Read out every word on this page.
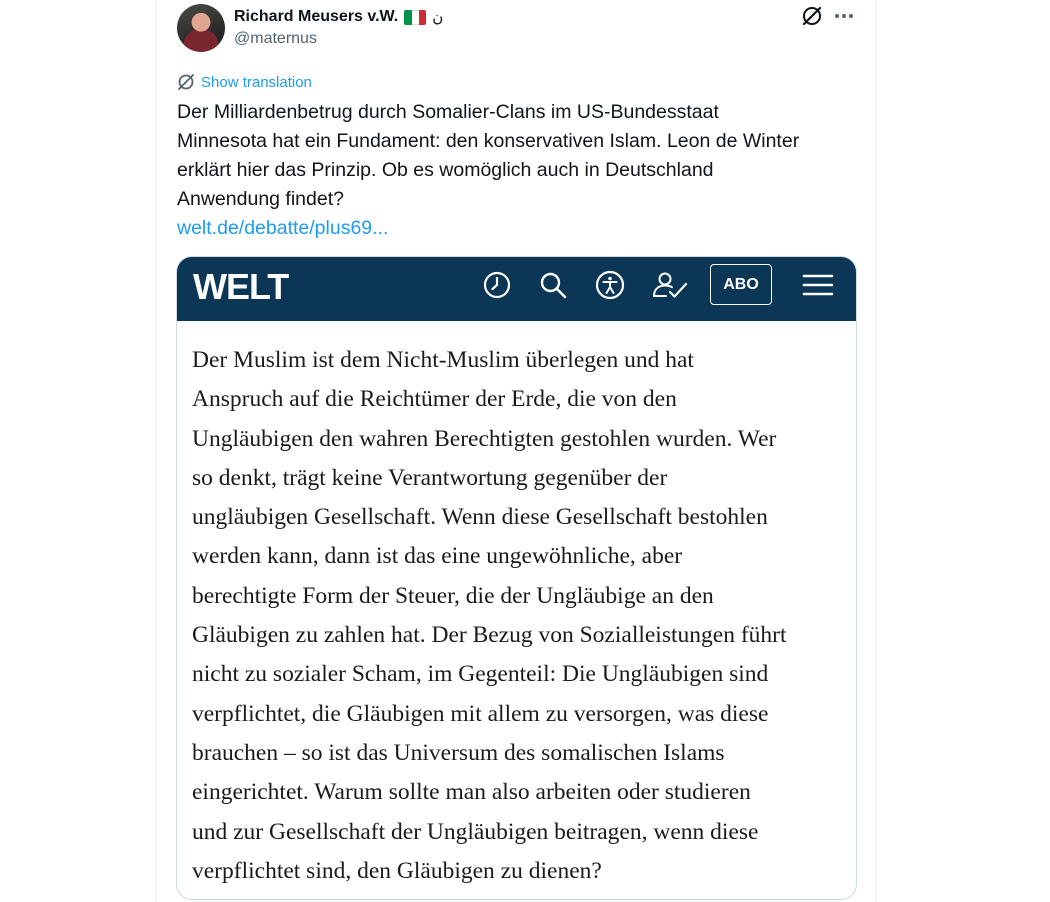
Richard Meusers v.W. ﻥ
@maternus
Show translation

Der Milliardenbetrug durch Somalier-Clans im US-Bundesstaat
Minnesota hat ein Fundament: den konservativen Islam. Leon de Winter
erklärt hier das Prinzip. Ob es womöglich auch in Deutschland
Anwendung findet?

welt.de/debatte/plus69...
WELT	ABO

Der Muslim ist dem Nicht-Muslim überlegen und hat
Anspruch auf die Reichtümer der Erde, die von den
Ungläubigen den wahren Berechtigten gestohlen wurden. Wer
so denkt, trägt keine Verantwortung gegenüber der
ungläubigen Gesellschaft. Wenn diese Gesellschaft bestohlen
werden kann, dann ist das eine ungewöhnliche, aber
berechtigte Form der Steuer, die der Ungläubige an den
Gläubigen zu zahlen hat. Der Bezug von Sozialleistungen führt
nicht zu sozialer Scham, im Gegenteil: Die Ungläubigen sind
verpflichtet, die Gläubigen mit allem zu versorgen, was diese
brauchen – so ist das Universum des somalischen Islams
eingerichtet. Warum sollte man also arbeiten oder studieren
und zur Gesellschaft der Ungläubigen beitragen, wenn diese
verpflichtet sind, den Gläubigen zu dienen?
